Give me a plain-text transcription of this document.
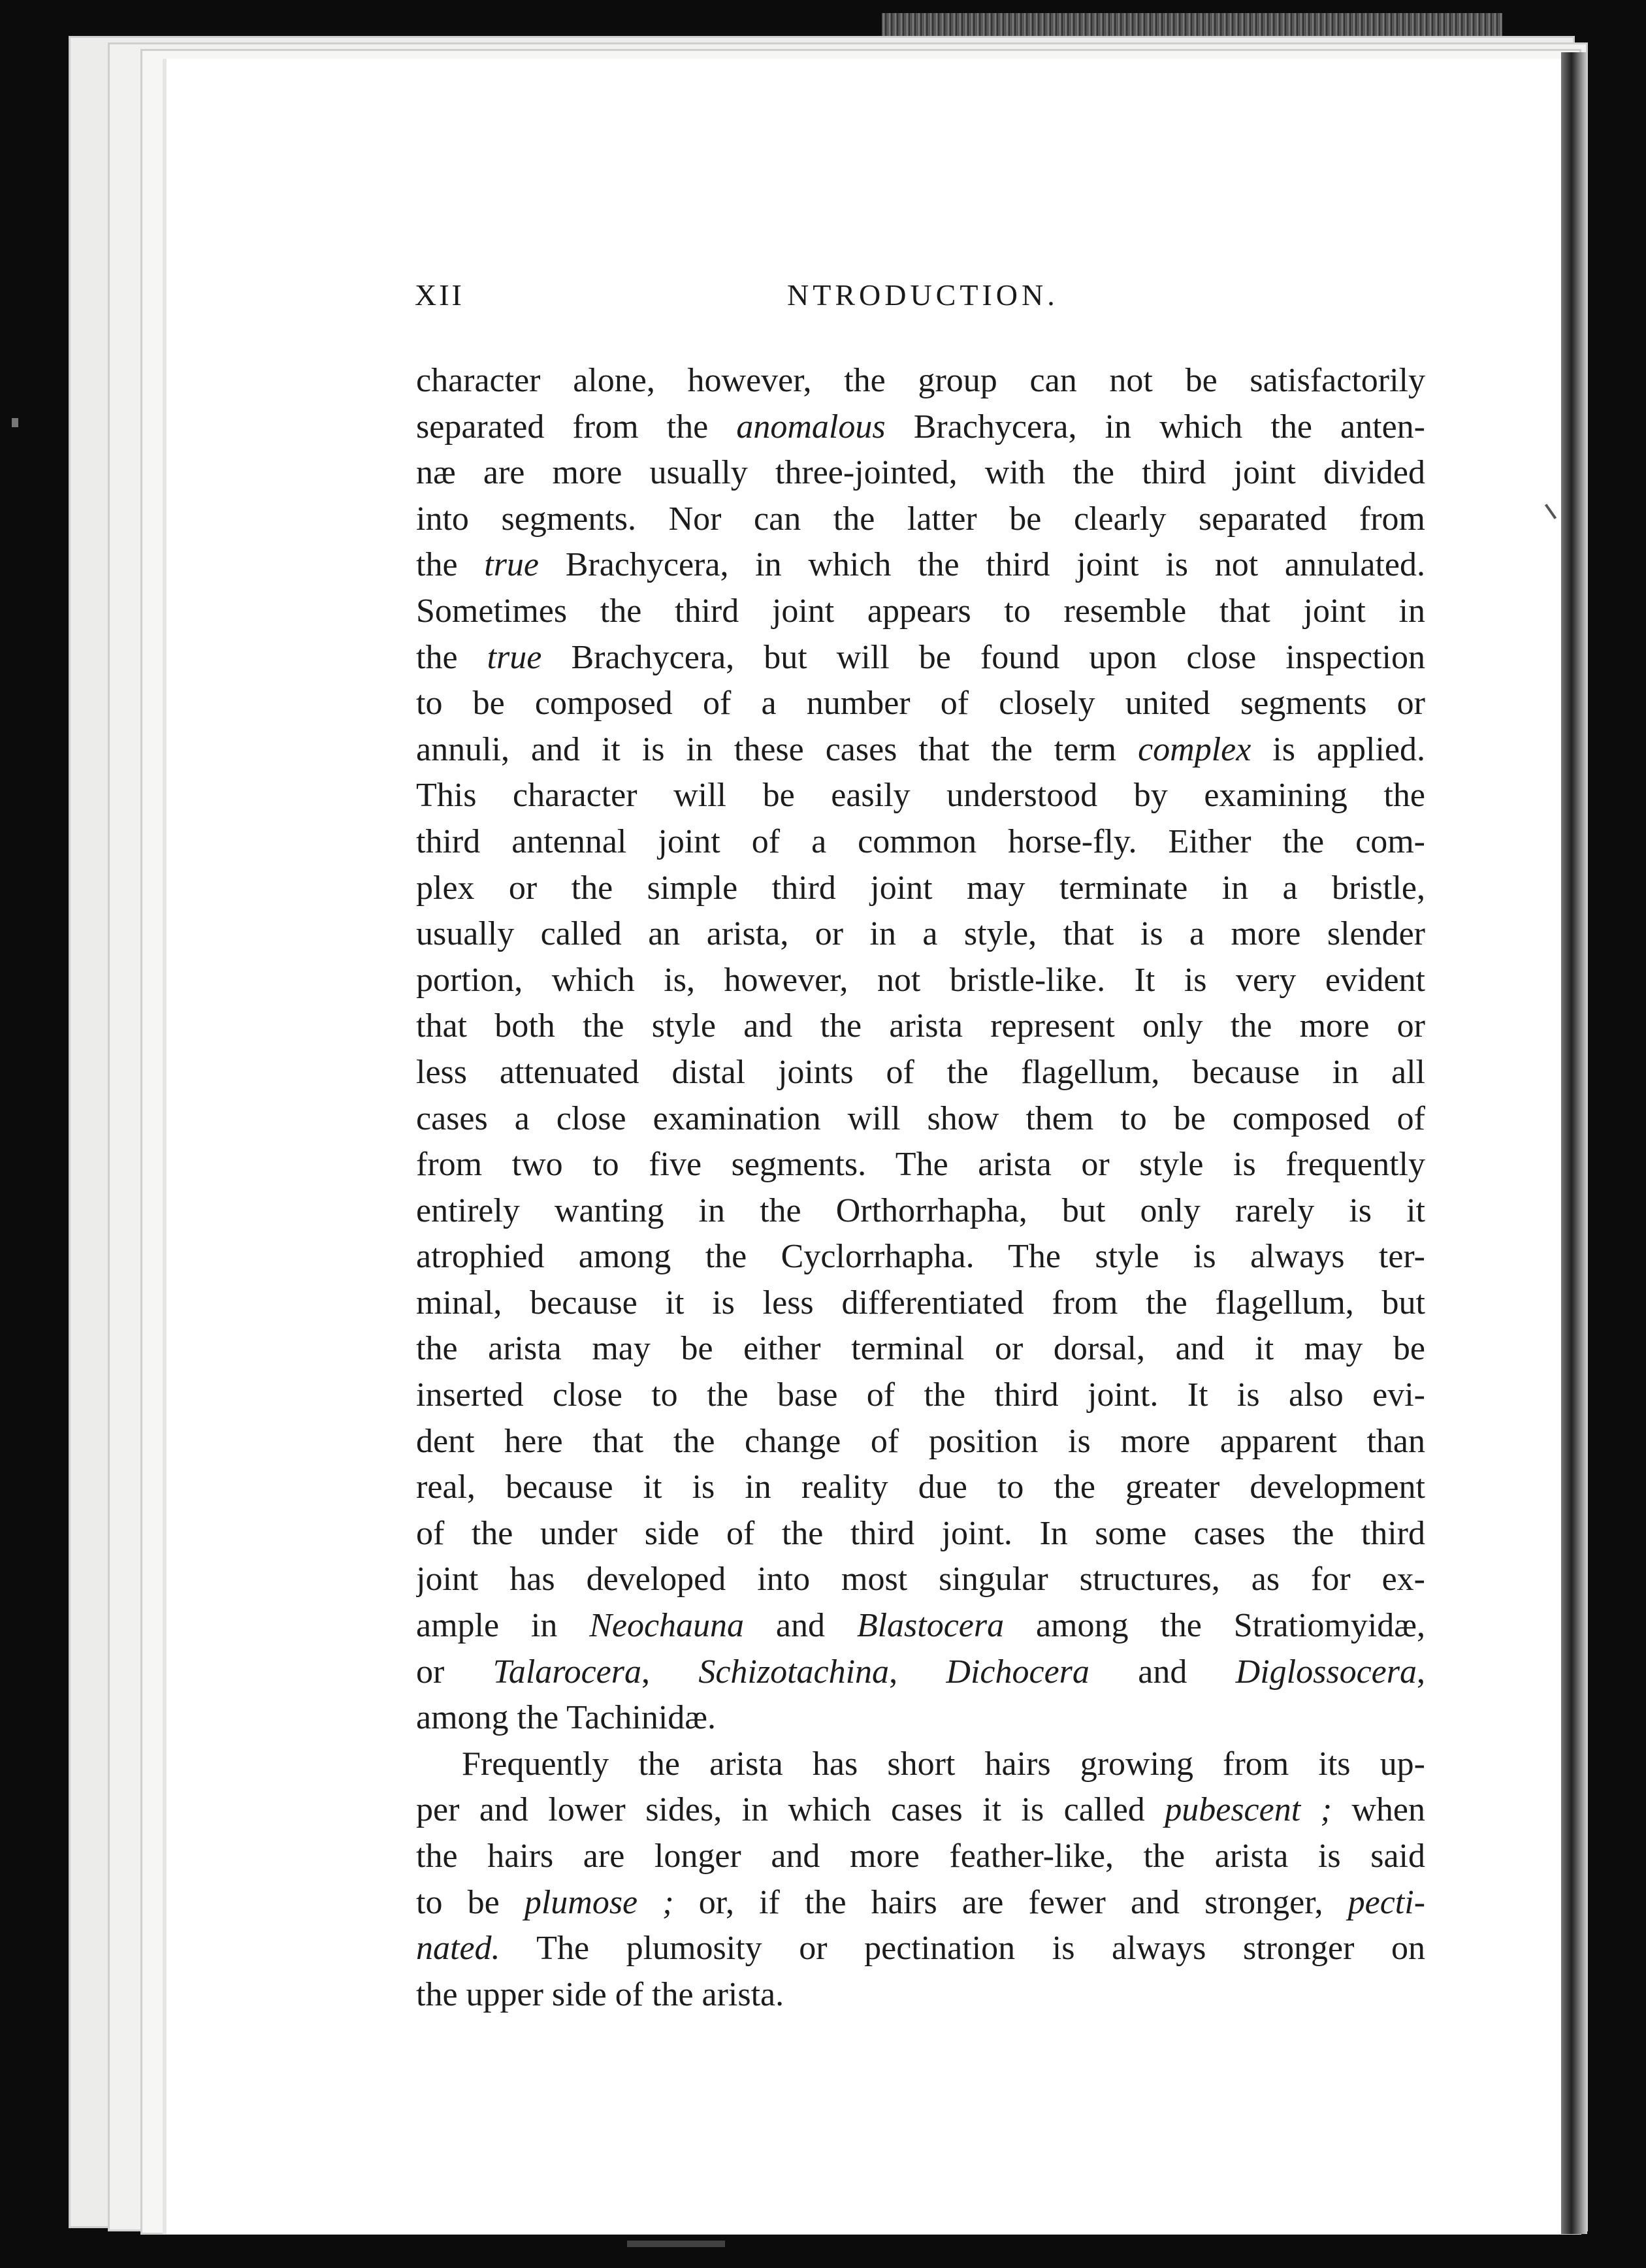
XII	NTRODUCTION.
character alone, however, the group can not be satisfactorily
separated from the anomalous Brachycera, in which the anten-
næ are more usually three-jointed, with the third joint divided
into segments. Nor can the latter be clearly separated from
the true Brachycera, in which the third joint is not annulated.
Sometimes the third joint appears to resemble that joint in
the true Brachycera, but will be found upon close inspection
to be composed of a number of closely united segments or
annuli, and it is in these cases that the term complex is applied.
This character will be easily understood by examining the
third antennal joint of a common horse-fly. Either the com-
plex or the simple third joint may terminate in a bristle,
usually called an arista, or in a style, that is a more slender
portion, which is, however, not bristle-like. It is very evident
that both the style and the arista represent only the more or
less attenuated distal joints of the flagellum, because in all
cases a close examination will show them to be composed of
from two to five segments. The arista or style is frequently
entirely wanting in the Orthorrhapha, but only rarely is it
atrophied among the Cyclorrhapha. The style is always ter-
minal, because it is less differentiated from the flagellum, but
the arista may be either terminal or dorsal, and it may be
inserted close to the base of the third joint. It is also evi-
dent here that the change of position is more apparent than
real, because it is in reality due to the greater development
of the under side of the third joint. In some cases the third
joint has developed into most singular structures, as for ex-
ample in Neochauna and Blastocera among the Stratiomyidæ,
or Talarocera, Schizotachina, Dichocera and Diglossocera,
among the Tachinidæ.
Frequently the arista has short hairs growing from its up-
per and lower sides, in which cases it is called pubescent ; when
the hairs are longer and more feather-like, the arista is said
to be plumose ; or, if the hairs are fewer and stronger, pecti-
nated. The plumosity or pectination is always stronger on
the upper side of the arista.
